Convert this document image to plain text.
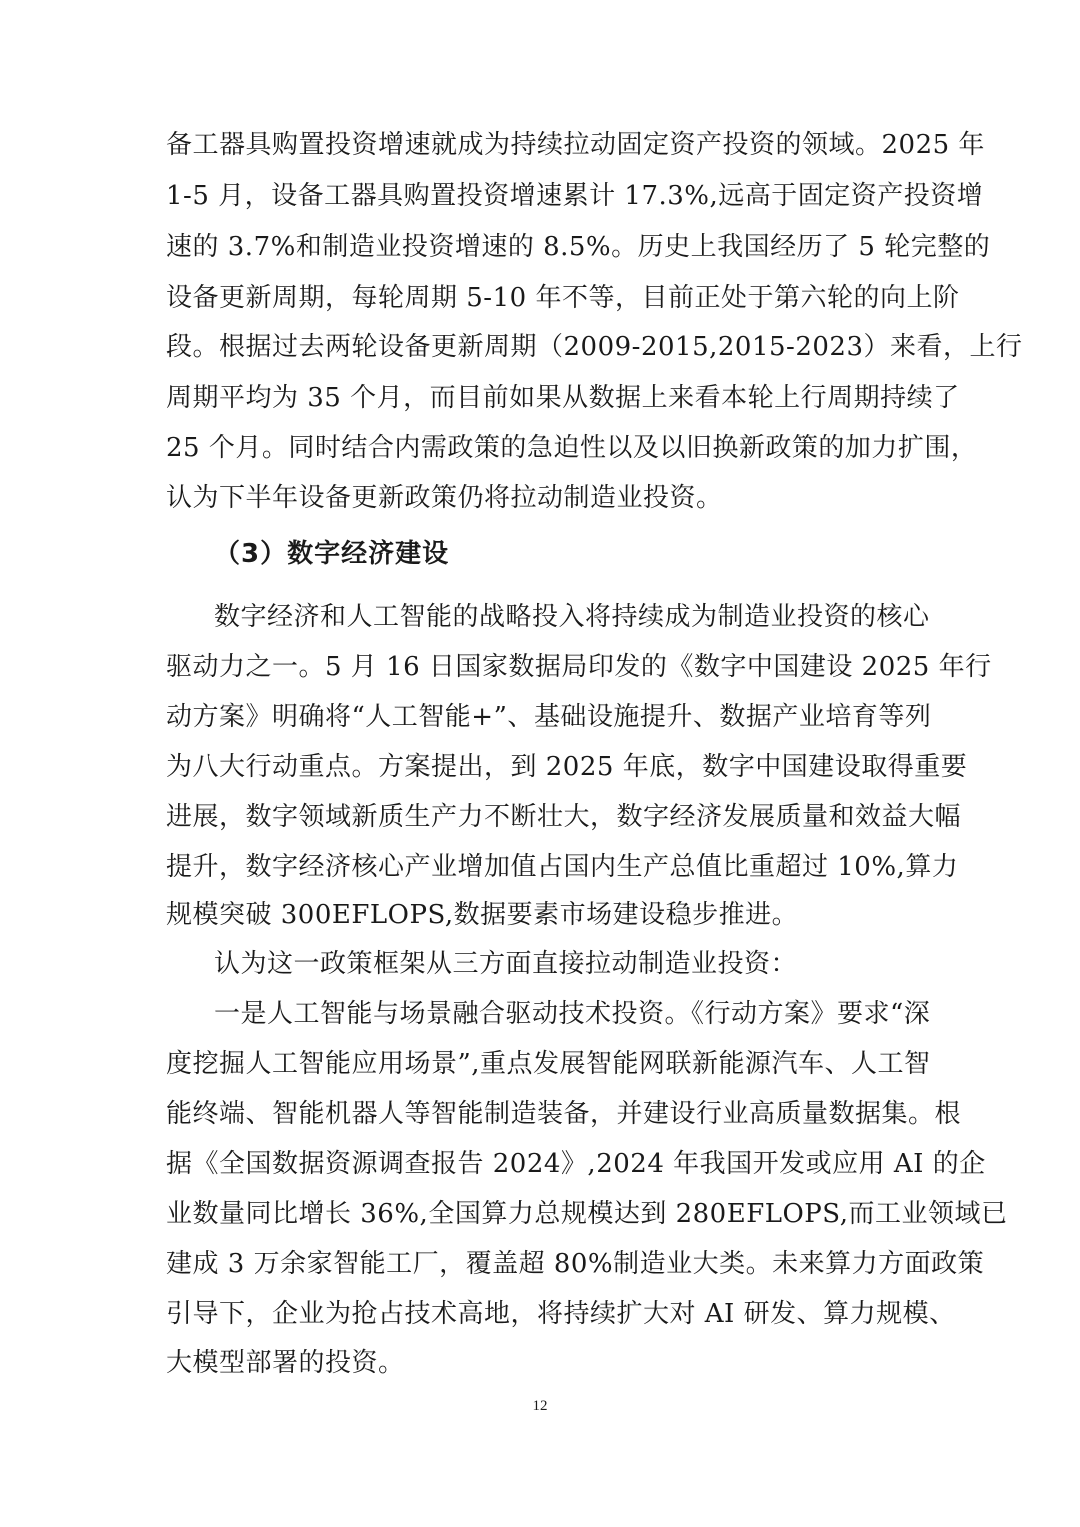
备工器具购置投资增速就成为持续拉动固定资产投资的领域。2025 年
1-5 月，设备工器具购置投资增速累计 17.3%,远高于固定资产投资增
速的 3.7%和制造业投资增速的 8.5%。历史上我国经历了 5 轮完整的
设备更新周期，每轮周期 5-10 年不等，目前正处于第六轮的向上阶
段。根据过去两轮设备更新周期（2009-2015,2015-2023）来看，上行
周期平均为 35 个月，而目前如果从数据上来看本轮上行周期持续了
25 个月。同时结合内需政策的急迫性以及以旧换新政策的加力扩围，
认为下半年设备更新政策仍将拉动制造业投资。
（3）数字经济建设
数字经济和人工智能的战略投入将持续成为制造业投资的核心
驱动力之一。5 月 16 日国家数据局印发的《数字中国建设 2025 年行
动方案》明确将“人工智能+”、基础设施提升、数据产业培育等列
为八大行动重点。方案提出，到 2025 年底，数字中国建设取得重要
进展，数字领域新质生产力不断壮大，数字经济发展质量和效益大幅
提升，数字经济核心产业增加值占国内生产总值比重超过 10%,算力
规模突破 300EFLOPS,数据要素市场建设稳步推进。
认为这一政策框架从三方面直接拉动制造业投资：
一是人工智能与场景融合驱动技术投资。《行动方案》要求“深
度挖掘人工智能应用场景”,重点发展智能网联新能源汽车、人工智
能终端、智能机器人等智能制造装备，并建设行业高质量数据集。根
据《全国数据资源调查报告 2024》,2024 年我国开发或应用 AI 的企
业数量同比增长 36%,全国算力总规模达到 280EFLOPS,而工业领域已
建成 3 万余家智能工厂，覆盖超 80%制造业大类。未来算力方面政策
引导下，企业为抢占技术高地，将持续扩大对 AI 研发、算力规模、
大模型部署的投资。
12
